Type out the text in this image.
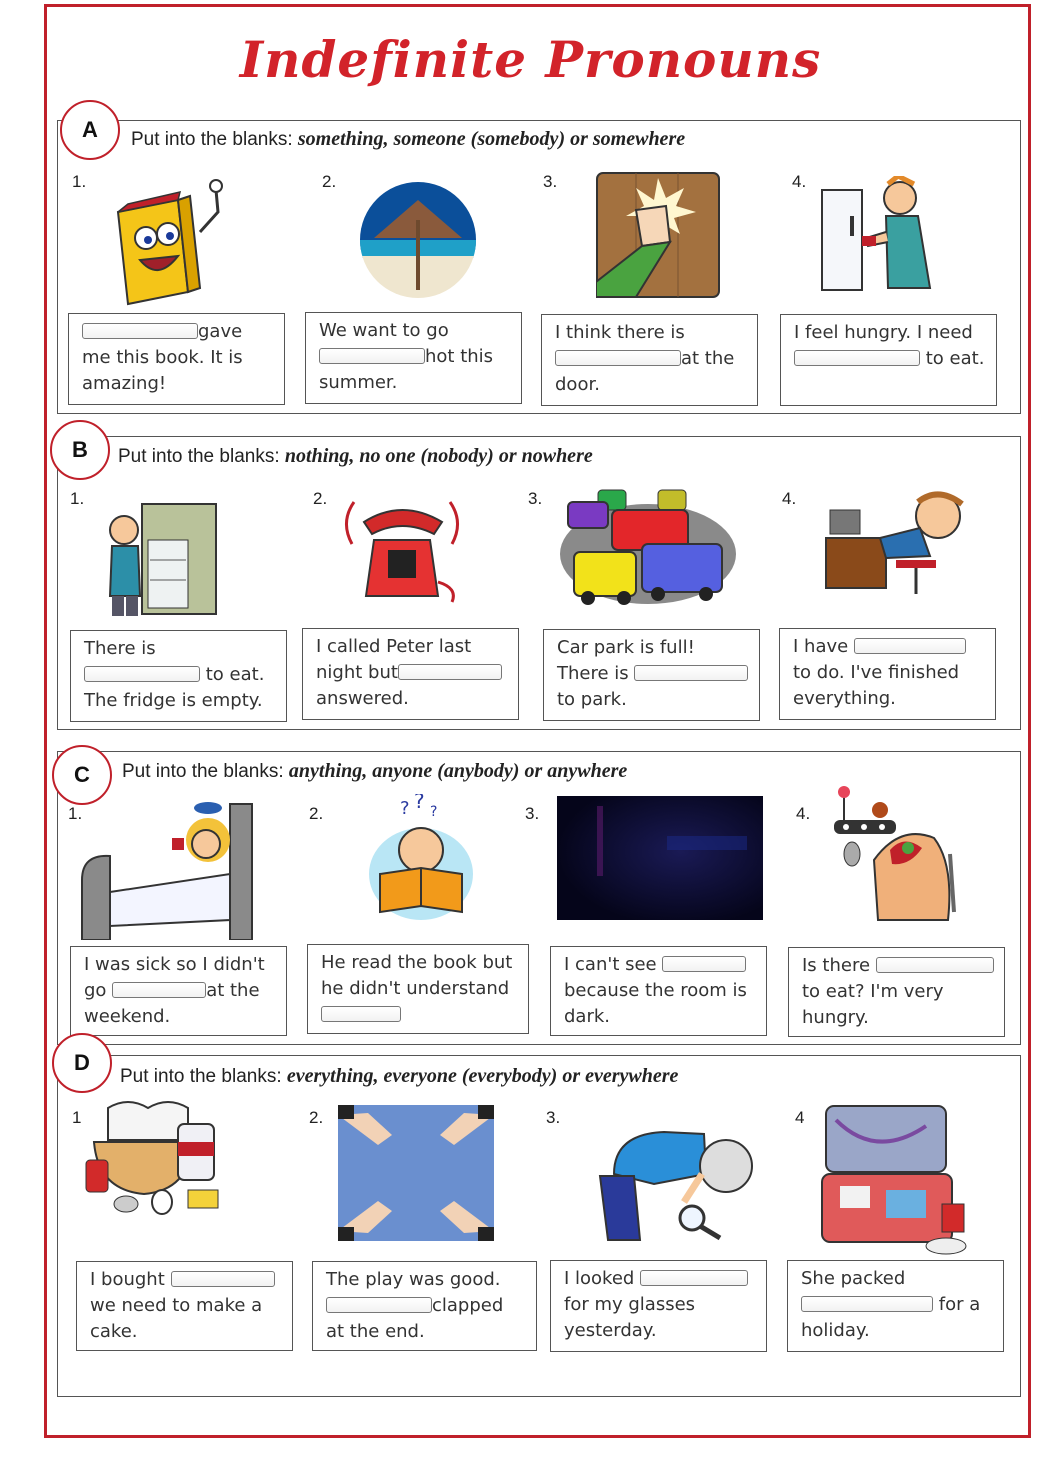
Indefinite Pronouns
A	Put into the blanks: something, someone (somebody) or somewhere
1.	2.	3.	4.
gave me this book. It is amazing!
We want to go hot this summer.
I think there is at the door.
I feel hungry. I need  to eat.
B	Put into the blanks: nothing, no one (nobody) or nowhere
1.	2.	3.	4.
There is  to eat. The fridge is empty.
I called Peter last night but answered.
Car park is full! There is  to park.
I have  to do. I've finished everything.
C	Put into the blanks: anything, anyone (anybody) or anywhere
1.	2.	3.	4.
? ? ?
I was sick so I didn't go	at the weekend.
He read the book but he didn't understand
I can't see  because the room is dark.
Is there  to eat? I'm very hungry.
D
Put into the blanks: everything, everyone (everybody) or everywhere
1	2.	3.	4
I bought  we need to make a cake.
The play was good. clapped at the end.
I looked  for my glasses yesterday.
She packed  for a holiday.
